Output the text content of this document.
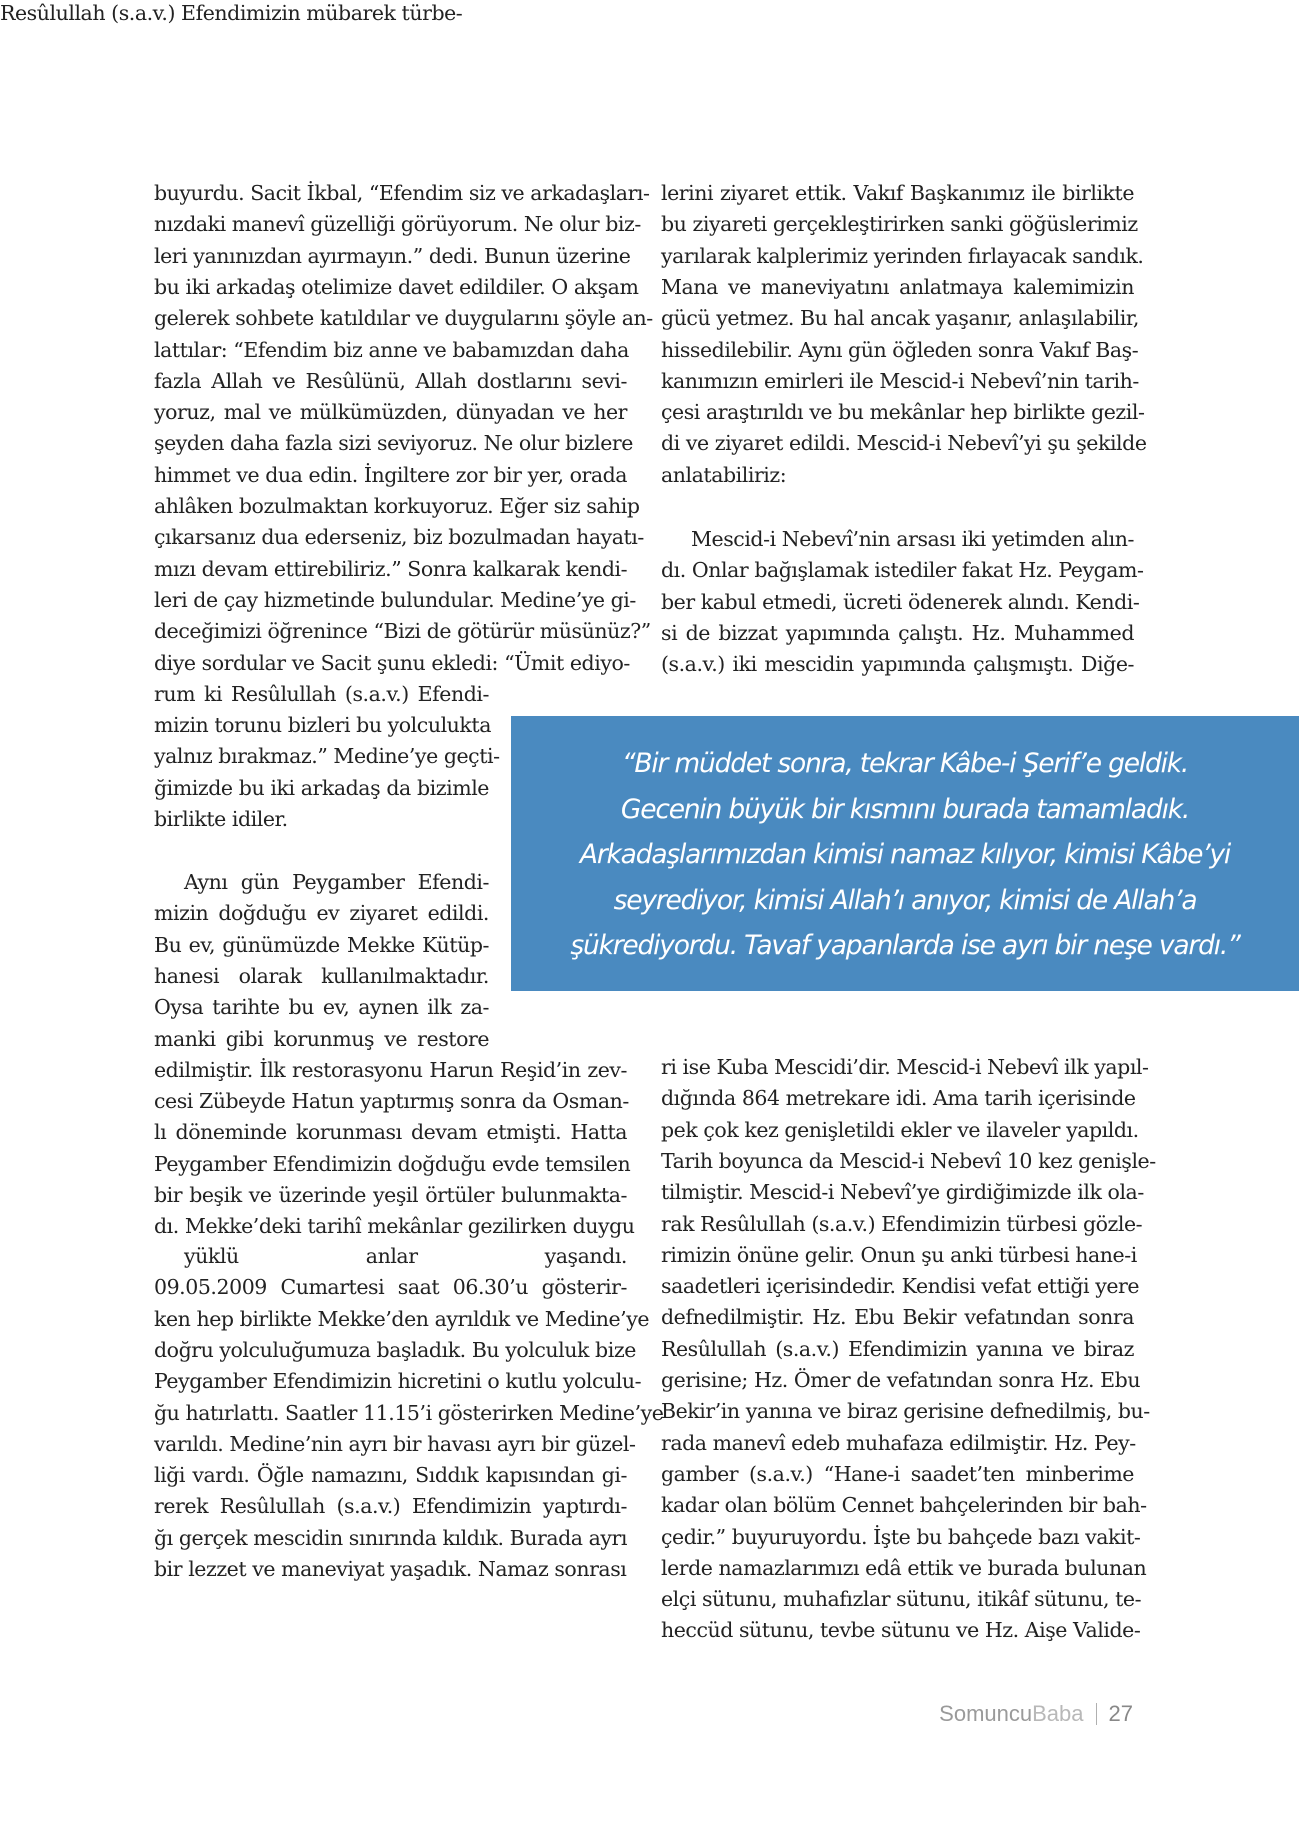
buyurdu. Sacit İkbal, “Efendim siz ve arkadaşları-
nızdaki manevî güzelliği görüyorum. Ne olur biz-
leri yanınızdan ayırmayın.” dedi. Bunun üzerine
bu iki arkadaş otelimize davet edildiler. O akşam
gelerek sohbete katıldılar ve duygularını şöyle an-
lattılar: “Efendim biz anne ve babamızdan daha
fazla Allah ve Resûlünü, Allah dostlarını sevi-
yoruz, mal ve mülkümüzden, dünyadan ve her
şeyden daha fazla sizi seviyoruz. Ne olur bizlere
himmet ve dua edin. İngiltere zor bir yer, orada
ahlâken bozulmaktan korkuyoruz. Eğer siz sahip
çıkarsanız dua ederseniz, biz bozulmadan hayatı-
mızı devam ettirebiliriz.” Sonra kalkarak kendi-
leri de çay hizmetinde bulundular. Medine’ye gi-
deceğimizi öğrenince “Bizi de götürür müsünüz?”
diye sordular ve Sacit şunu ekledi: “Ümit ediyo-
rum ki Resûlullah (s.a.v.) Efendi-
mizin torunu bizleri bu yolculukta
yalnız bırakmaz.” Medine’ye geçti-
ğimizde bu iki arkadaş da bizimle
birlikte idiler.
Aynı gün Peygamber Efendi-
mizin doğduğu ev ziyaret edildi.
Bu ev, günümüzde Mekke Kütüp-
hanesi olarak kullanılmaktadır.
Oysa tarihte bu ev, aynen ilk za-
manki gibi korunmuş ve restore
edilmiştir. İlk restorasyonu Harun Reşid’in zev-
cesi Zübeyde Hatun yaptırmış sonra da Osman-
lı döneminde korunması devam etmişti. Hatta
Peygamber Efendimizin doğduğu evde temsilen
bir beşik ve üzerinde yeşil örtüler bulunmakta-
dı. Mekke’deki tarihî mekânlar gezilirken duygu
yüklü anlar yaşandı.
09.05.2009 Cumartesi saat 06.30’u gösterir-
ken hep birlikte Mekke’den ayrıldık ve Medine’ye
doğru yolculuğumuza başladık. Bu yolculuk bize
Peygamber Efendimizin hicretini o kutlu yolculu-
ğu hatırlattı. Saatler 11.15’i gösterirken Medine’ye
varıldı. Medine’nin ayrı bir havası ayrı bir güzel-
liği vardı. Öğle namazını, Sıddık kapısından gi-
rerek Resûlullah (s.a.v.) Efendimizin yaptırdı-
ğı gerçek mescidin sınırında kıldık. Burada ayrı
bir lezzet ve maneviyat yaşadık. Namaz sonrası
Resûlullah (s.a.v.) Efendimizin mübarek türbe-
lerini ziyaret ettik. Vakıf Başkanımız ile birlikte
bu ziyareti gerçekleştirirken sanki göğüslerimiz
yarılarak kalplerimiz yerinden fırlayacak sandık.
Mana ve maneviyatını anlatmaya kalemimizin
gücü yetmez. Bu hal ancak yaşanır, anlaşılabilir,
hissedilebilir. Aynı gün öğleden sonra Vakıf Baş-
kanımızın emirleri ile Mescid-i Nebevî’nin tarih-
çesi araştırıldı ve bu mekânlar hep birlikte gezil-
di ve ziyaret edildi. Mescid-i Nebevî’yi şu şekilde
anlatabiliriz:
Mescid-i Nebevî’nin arsası iki yetimden alın-
dı. Onlar bağışlamak istediler fakat Hz. Peygam-
ber kabul etmedi, ücreti ödenerek alındı. Kendi-
si de bizzat yapımında çalıştı. Hz. Muhammed
(s.a.v.) iki mescidin yapımında çalışmıştı. Diğe-
ri ise Kuba Mescidi’dir. Mescid-i Nebevî ilk yapıl-
dığında 864 metrekare idi. Ama tarih içerisinde
pek çok kez genişletildi ekler ve ilaveler yapıldı.
Tarih boyunca da Mescid-i Nebevî 10 kez genişle-
tilmiştir. Mescid-i Nebevî’ye girdiğimizde ilk ola-
rak Resûlullah (s.a.v.) Efendimizin türbesi gözle-
rimizin önüne gelir. Onun şu anki türbesi hane-i
saadetleri içerisindedir. Kendisi vefat ettiği yere
defnedilmiştir. Hz. Ebu Bekir vefatından sonra
Resûlullah (s.a.v.) Efendimizin yanına ve biraz
gerisine; Hz. Ömer de vefatından sonra Hz. Ebu
Bekir’in yanına ve biraz gerisine defnedilmiş, bu-
rada manevî edeb muhafaza edilmiştir. Hz. Pey-
gamber (s.a.v.) “Hane-i saadet’ten minberime
kadar olan bölüm Cennet bahçelerinden bir bah-
çedir.” buyuruyordu. İşte bu bahçede bazı vakit-
lerde namazlarımızı edâ ettik ve burada bulunan
elçi sütunu, muhafızlar sütunu, itikâf sütunu, te-
heccüd sütunu, tevbe sütunu ve Hz. Aişe Valide-
“Bir müddet sonra, tekrar Kâbe-i Şerif’e geldik.
Gecenin büyük bir kısmını burada tamamladık.
Arkadaşlarımızdan kimisi namaz kılıyor, kimisi Kâbe’yi
seyrediyor, kimisi Allah’ı anıyor, kimisi de Allah’a
şükrediyordu. Tavaf yapanlarda ise ayrı bir neşe vardı.”
Somuncu Baba 27
